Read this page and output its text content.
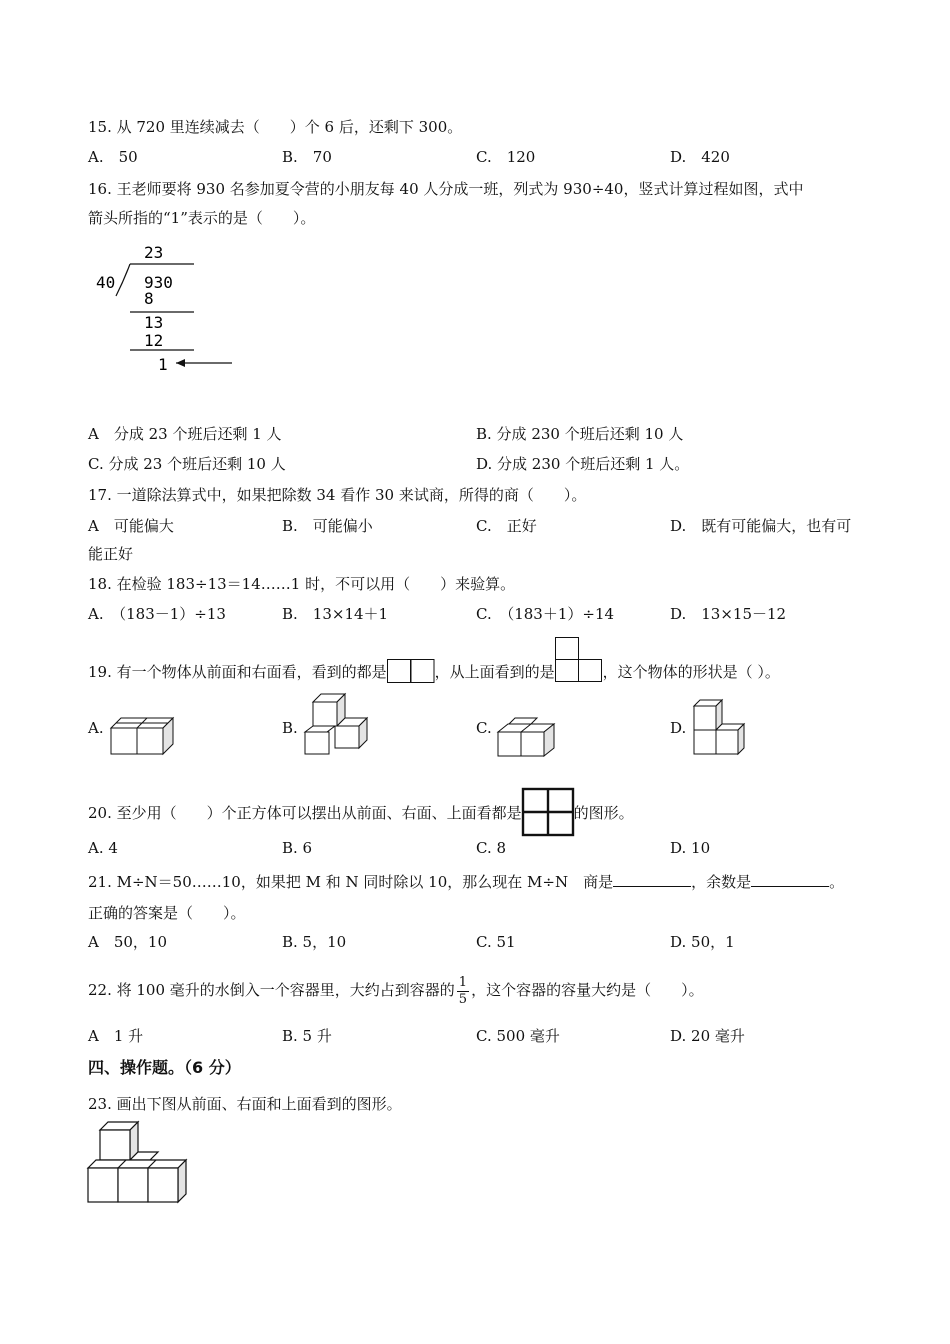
15. 从 720 里连续减去（　　）个 6 后，还剩下 300。
A.　50	B.　70	C.　120	D.　420
16. 王老师要将 930 名参加夏令营的小朋友每 40 人分成一班，列式为 930÷40，竖式计算过程如图，式中
箭头所指的“1”表示的是（　　）。
23
40 930
8
13
12
1
A　分成 23 个班后还剩 1 人	B. 分成 230 个班后还剩 10 人
C. 分成 23 个班后还剩 10 人	D. 分成 230 个班后还剩 1 人。
17. 一道除法算式中，如果把除数 34 看作 30 来试商，所得的商（　　）。
A　可能偏大	B.　可能偏小	C.　正好	D.　既有可能偏大，也有可
能正好
18. 在检验 183÷13＝14……1 时，不可以用（　　）来验算。
A.　（183－1）÷13	B.　13×14＋1	C.　（183＋1）÷14	D.　13×15－12
19. 有一个物体从前面和右面看，看到的都是	，从上面看到的是	，这个物体的形状是（ ）。
A.	B.	C.	D.
20. 至少用（　　）个正方体可以摆出从前面、右面、上面看都是	的图形。
A. 4	B. 6	C. 8	D. 10
21. M÷N＝50……10，如果把 M 和 N 同时除以 10，那么现在 M÷N　商是	，余数是	。
正确的答案是（　　）。
A　50，10	B. 5，10	C. 51	D. 50，1
22. 将 100 毫升的水倒入一个容器里，大约占到容器的 $\frac{1}{5}$ ，这个容器的容量大约是（　　）。
A　1 升	B. 5 升	C. 500 毫升	D. 20 毫升
四、操作题。（6 分）
23. 画出下图从前面、右面和上面看到的图形。
